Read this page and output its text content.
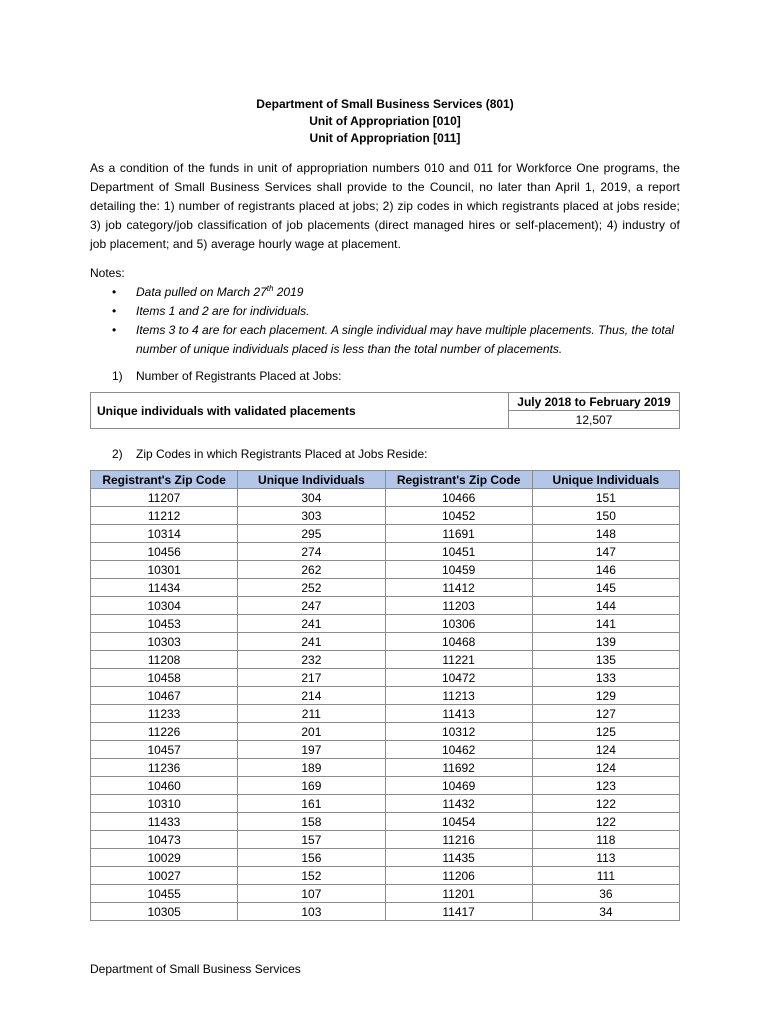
Department of Small Business Services (801)
Unit of Appropriation [010]
Unit of Appropriation [011]
As a condition of the funds in unit of appropriation numbers 010 and 011 for Workforce One programs, the Department of Small Business Services shall provide to the Council, no later than April 1, 2019, a report detailing the: 1) number of registrants placed at jobs; 2) zip codes in which registrants placed at jobs reside; 3) job category/job classification of job placements (direct managed hires or self-placement); 4) industry of job placement; and 5) average hourly wage at placement.
Notes:
• Data pulled on March 27th 2019
• Items 1 and 2 are for individuals.
• Items 3 to 4 are for each placement. A single individual may have multiple placements. Thus, the total number of unique individuals placed is less than the total number of placements.
1) Number of Registrants Placed at Jobs:
Unique individuals with validated placements	July 2018 to February 2019
12,507
2) Zip Codes in which Registrants Placed at Jobs Reside:
Registrant's Zip Code	Unique Individuals	Registrant's Zip Code	Unique Individuals
11207	304	10466	151
11212	303	10452	150
10314	295	11691	148
10456	274	10451	147
10301	262	10459	146
11434	252	11412	145
10304	247	11203	144
10453	241	10306	141
10303	241	10468	139
11208	232	11221	135
10458	217	10472	133
10467	214	11213	129
11233	211	11413	127
11226	201	10312	125
10457	197	10462	124
11236	189	11692	124
10460	169	10469	123
10310	161	11432	122
11433	158	10454	122
10473	157	11216	118
10029	156	11435	113
10027	152	11206	111
10455	107	11201	36
10305	103	11417	34
Department of Small Business Services
